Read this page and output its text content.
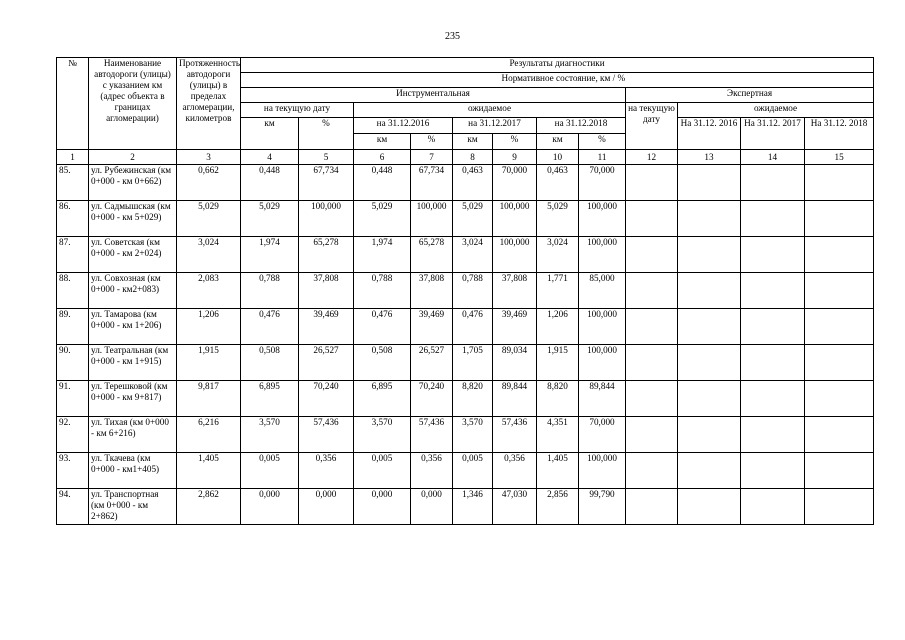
235
№	Наименование автодороги (улицы) с указанием км (адрес объекта в границах агломерации)	Протяженность автодороги (улицы) в пределах агломерации, километров	Результаты диагностики											
			Нормативное состояние, км / %											
			Инструментальная								Экспертная			
			на текущую дату		ожидаемое						на текущую дату	ожидаемое		
			км	%	на 31.12.2016		на 31.12.2017		на 31.12.2018			На 31.12. 2016	На 31.12. 2017	На 31.12. 2018
					км	%	км	%	км	%				
1	2	3	4	5	6	7	8	9	10	11	12	13	14	15
85.	ул. Рубежинская (км 0+000 - км 0+662)	0,662	0,448	67,734	0,448	67,734	0,463	70,000	0,463	70,000				
86.	ул. Садмышская (км 0+000 - км 5+029)	5,029	5,029	100,000	5,029	100,000	5,029	100,000	5,029	100,000				
87.	ул. Советская (км 0+000 - км 2+024)	3,024	1,974	65,278	1,974	65,278	3,024	100,000	3,024	100,000				
88.	ул. Совхозная (км 0+000 - км2+083)	2,083	0,788	37,808	0,788	37,808	0,788	37,808	1,771	85,000				
89.	ул. Тамарова (км 0+000 - км 1+206)	1,206	0,476	39,469	0,476	39,469	0,476	39,469	1,206	100,000				
90.	ул. Театральная (км 0+000 - км 1+915)	1,915	0,508	26,527	0,508	26,527	1,705	89,034	1,915	100,000				
91.	ул. Терешковой (км 0+000 - км 9+817)	9,817	6,895	70,240	6,895	70,240	8,820	89,844	8,820	89,844				
92.	ул. Тихая (км 0+000 - км 6+216)	6,216	3,570	57,436	3,570	57,436	3,570	57,436	4,351	70,000				
93.	ул. Ткачева (км 0+000 - км1+405)	1,405	0,005	0,356	0,005	0,356	0,005	0,356	1,405	100,000				
94.	ул. Транспортная (км 0+000 - км 2+862)	2,862	0,000	0,000	0,000	0,000	1,346	47,030	2,856	99,790				
